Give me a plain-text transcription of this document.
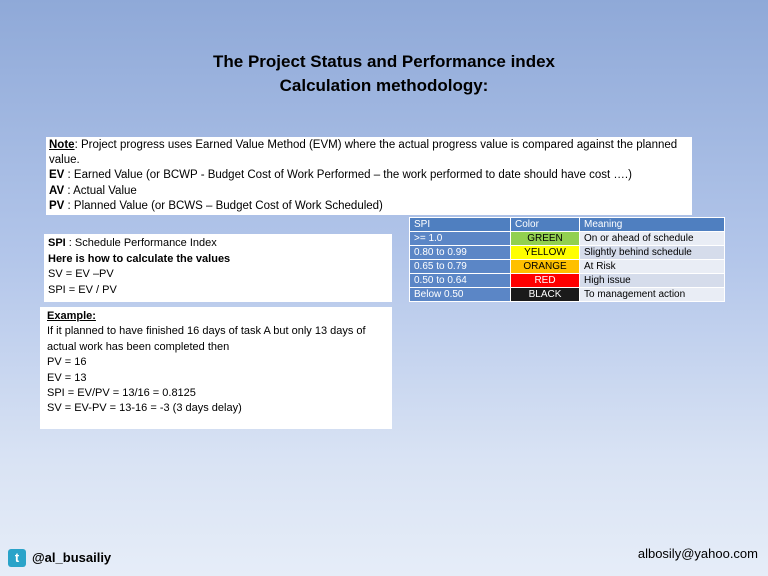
The Project Status and Performance index
Calculation methodology:
Note: Project progress uses Earned Value Method (EVM) where the actual progress value is compared against the planned value.
EV : Earned Value (or BCWP - Budget Cost of Work Performed – the work performed to date should have cost ….)
AV : Actual Value
PV : Planned Value (or BCWS – Budget Cost of Work Scheduled)
SPI : Schedule Performance Index
Here is how to calculate the values
SV = EV –PV
SPI = EV / PV
Example:
If it planned to have finished 16 days of task A but only 13 days of actual work has been completed then
PV = 16
EV = 13
SPI = EV/PV = 13/16 = 0.8125
SV = EV-PV = 13-16 = -3 (3 days delay)
SPI	Color	Meaning
>= 1.0	GREEN	On or ahead of schedule
0.80 to 0.99	YELLOW	Slightly behind schedule
0.65 to 0.79	ORANGE	At Risk
0.50 to 0.64	RED	High issue
Below 0.50	BLACK	To management action
t @al_busailiy	albosily@yahoo.com
